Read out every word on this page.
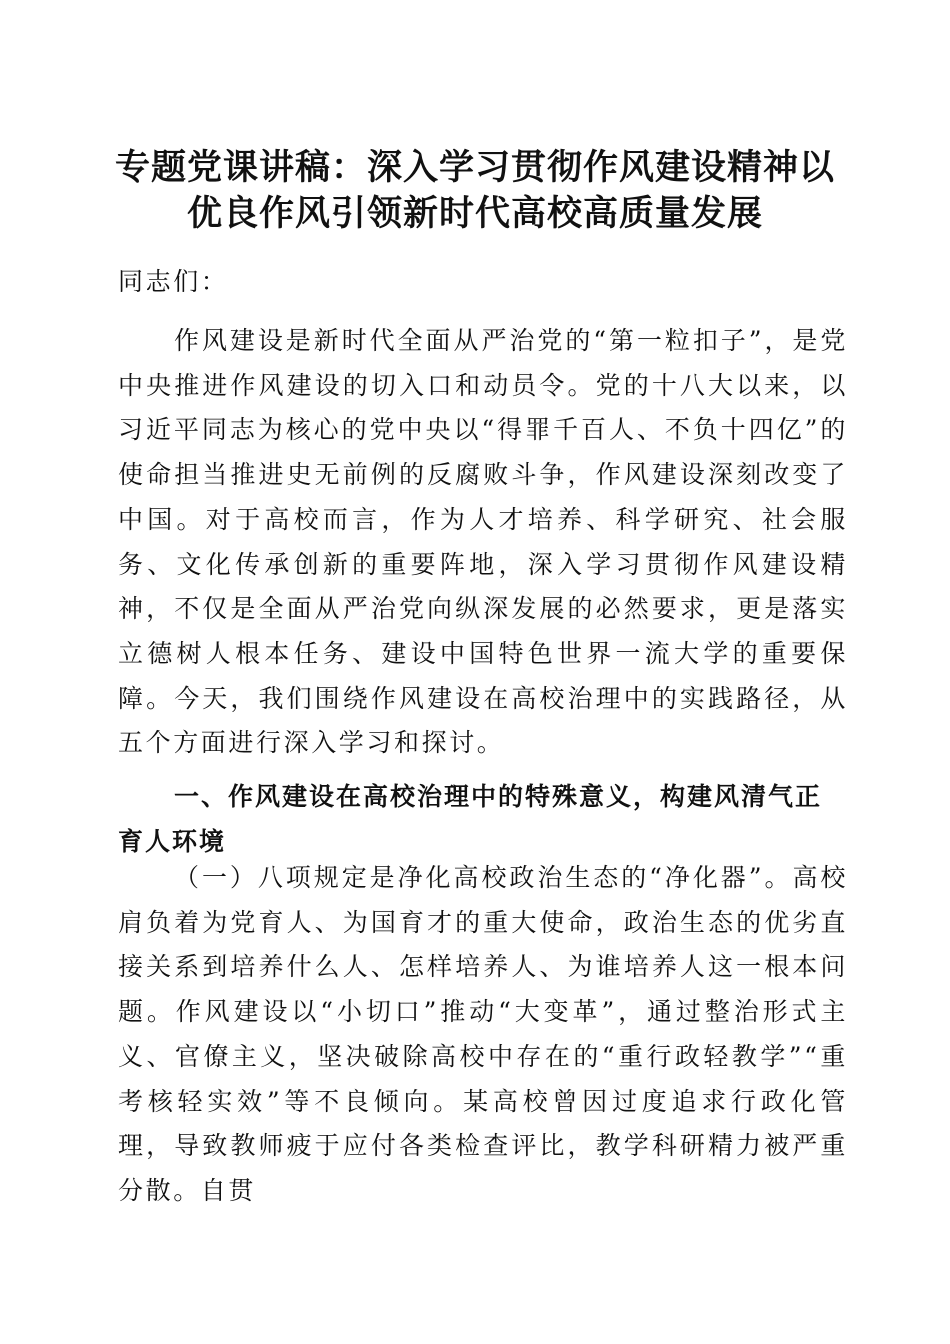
专题党课讲稿：深入学习贯彻作风建设精神以
优良作风引领新时代高校高质量发展
同志们：
作风建设是新时代全面从严治党的“第一粒扣子”，是党中央推进作风建设的切入口和动员令。党的十八大以来，以习近平同志为核心的党中央以“得罪千百人、不负十四亿”的使命担当推进史无前例的反腐败斗争，作风建设深刻改变了中国。对于高校而言，作为人才培养、科学研究、社会服务、文化传承创新的重要阵地，深入学习贯彻作风建设精神，不仅是全面从严治党向纵深发展的必然要求，更是落实立德树人根本任务、建设中国特色世界一流大学的重要保障。今天，我们围绕作风建设在高校治理中的实践路径，从五个方面进行深入学习和探讨。
一、作风建设在高校治理中的特殊意义，构建风清气正育人环境
（一）八项规定是净化高校政治生态的“净化器”。高校肩负着为党育人、为国育才的重大使命，政治生态的优劣直接关系到培养什么人、怎样培养人、为谁培养人这一根本问题。作风建设以“小切口”推动“大变革”，通过整治形式主义、官僚主义，坚决破除高校中存在的“重行政轻教学”“重考核轻实效”等不良倾向。某高校曾因过度追求行政化管理，导致教师疲于应付各类检查评比，教学科研精力被严重分散。自贯
